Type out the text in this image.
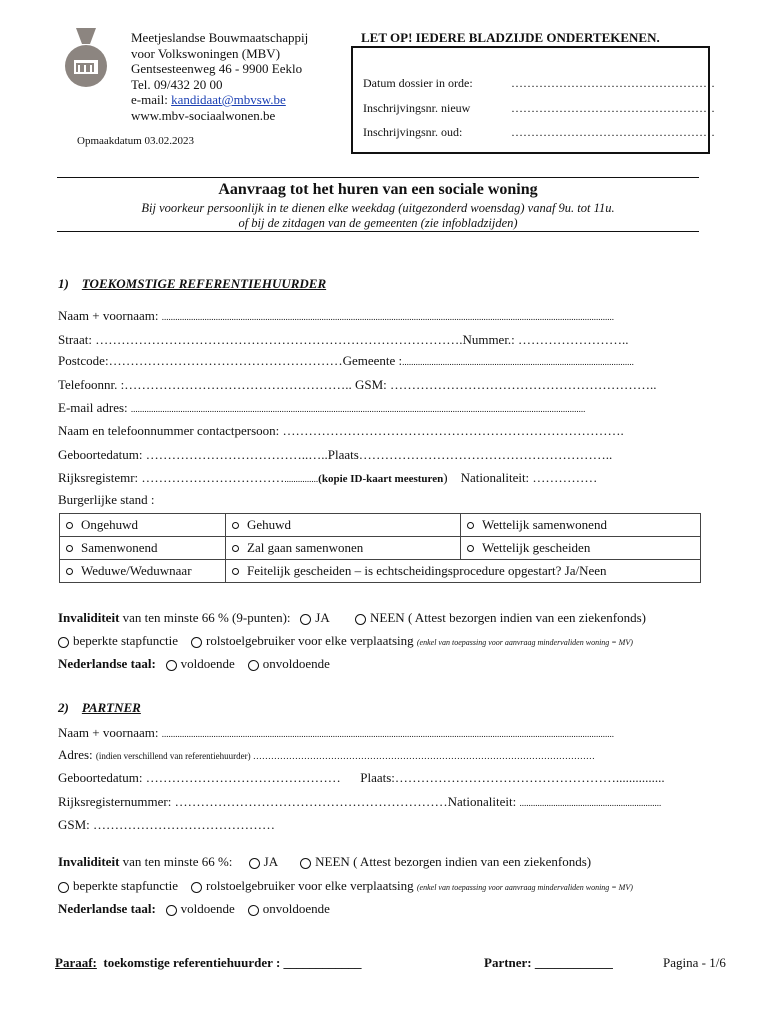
Meetjeslandse Bouwmaatschappij
voor Volkswoningen (MBV)
Gentsesteenweg 46 - 9900 Eeklo
Tel. 09/432 20 00
e-mail: kandidaat@mbvsw.be
www.mbv-sociaalwonen.be
Opmaakdatum 03.02.2023
LET OP! IEDERE BLADZIJDE ONDERTEKENEN.
Datum dossier in orde:	……………………………………………
Inschrijvingsnr. nieuw	……………………………………………
Inschrijvingsnr. oud:	……………………………………………
Aanvraag tot het huren van een sociale woning
Bij voorkeur persoonlijk in te dienen elke weekdag (uitgezonderd woensdag) vanaf 9u. tot 11u.
of bij de zitdagen van de gemeenten (zie infobladzijden)
1) TOEKOMSTIGE REFERENTIEHUURDER
Naam + voornaam: .........................................................................................................................................................................................................
Straat: ………………………………………………………………………….Nummer.: ……………………..
Postcode:………………………………………………Gemeente :.......................................................................................................
Telefoonnr. :…………………………………………….. GSM: ……………………………………………………..
E-mail adres: ..........................................................................................................................................................................................................
Naam en telefoonnummer contactpersoon: …………………………………………………………………….
Geboortedatum: ………………………………..…..Plaats…………………………………………………..
Rijksregistemr: ……………………………...............(kopie ID-kaart meesturen) Nationaliteit: ……………
Burgerlijke stand :
Ongehuwd	Gehuwd	Wettelijk samenwonend
Samenwonend	Zal gaan samenwonen	Wettelijk gescheiden
Weduwe/Weduwnaar	Feitelijk gescheiden – is echtscheidingsprocedure opgestart? Ja/Neen	
Invaliditeit van ten minste 66 % (9-punten): JA	NEEN ( Attest bezorgen indien van een ziekenfonds)
beperkte stapfunctie rolstoelgebruiker voor elke verplaatsing (enkel van toepassing voor aanvraag mindervaliden woning = MV)
Nederlandse taal: voldoende onvoldoende
2) PARTNER
Naam + voornaam: .........................................................................................................................................................................................................
Adres: (indien verschillend van referentiehuurder) ……………………………………………………………………………………………………
Geboortedatum: ………………………………………      Plaats:……………………………………………...............
Rijksregisternummer: ………………………………………………………Nationaliteit: ...............................................................
GSM: ……………………………………
Invaliditeit van ten minste 66 %: JA	NEEN ( Attest bezorgen indien van een ziekenfonds)
beperkte stapfunctie rolstoelgebruiker voor elke verplaatsing (enkel van toepassing voor aanvraag mindervaliden woning = MV)
Nederlandse taal: voldoende onvoldoende
Paraaf: toekomstige referentiehuurder : ____________	Partner: ____________	Pagina - 1/6
